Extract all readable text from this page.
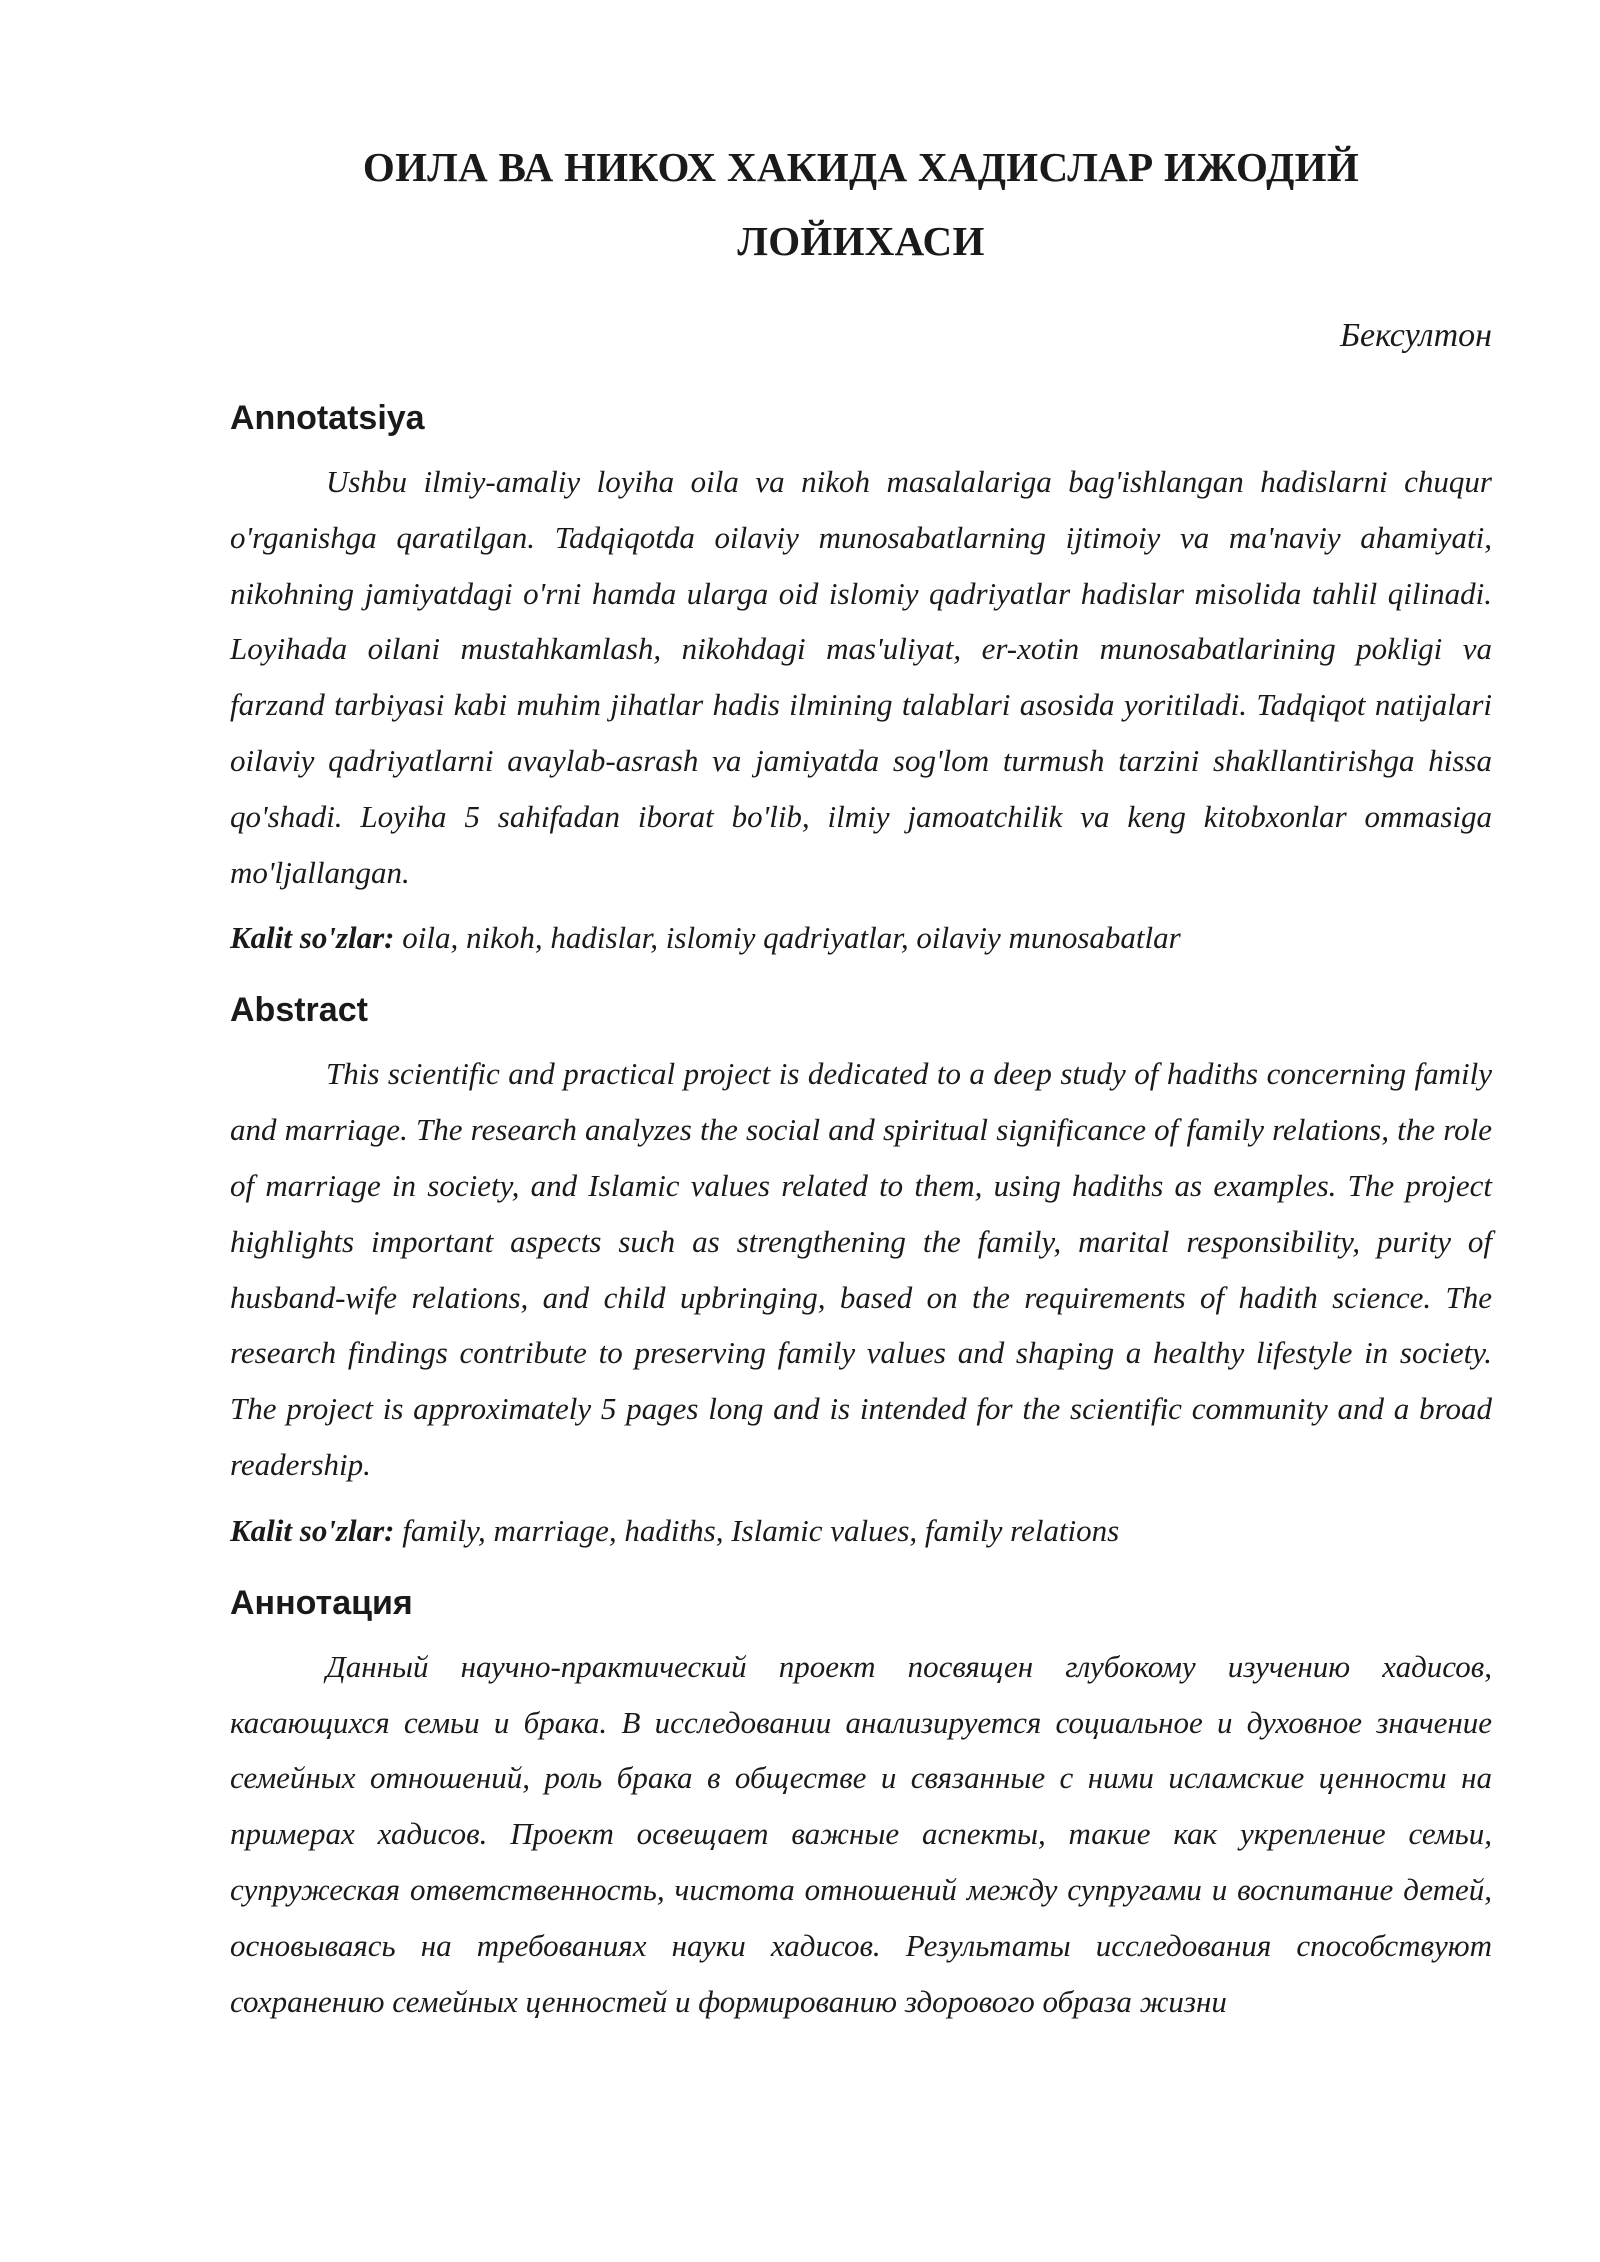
ОИЛА ВА НИКОХ ХАКИДА ХАДИСЛАР ИЖОДИЙ
ЛОЙИХАСИ
Бексултон
Annotatsiya

Ushbu ilmiy-amaliy loyiha oila va nikoh masalalariga bag'ishlangan hadislarni chuqur o'rganishga qaratilgan. Tadqiqotda oilaviy munosabatlarning ijtimoiy va ma'naviy ahamiyati, nikohning jamiyatdagi o'rni hamda ularga oid islomiy qadriyatlar hadislar misolida tahlil qilinadi. Loyihada oilani mustahkamlash, nikohdagi mas'uliyat, er-xotin munosabatlarining pokligi va farzand tarbiyasi kabi muhim jihatlar hadis ilmining talablari asosida yoritiladi. Tadqiqot natijalari oilaviy qadriyatlarni avaylab-asrash va jamiyatda sog'lom turmush tarzini shakllantirishga hissa qo'shadi. Loyiha 5 sahifadan iborat bo'lib, ilmiy jamoatchilik va keng kitobxonlar ommasiga mo'ljallangan.

Kalit so'zlar: oila, nikoh, hadislar, islomiy qadriyatlar, oilaviy munosabatlar

Abstract

This scientific and practical project is dedicated to a deep study of hadiths concerning family and marriage. The research analyzes the social and spiritual significance of family relations, the role of marriage in society, and Islamic values related to them, using hadiths as examples. The project highlights important aspects such as strengthening the family, marital responsibility, purity of husband-wife relations, and child upbringing, based on the requirements of hadith science. The research findings contribute to preserving family values and shaping a healthy lifestyle in society. The project is approximately 5 pages long and is intended for the scientific community and a broad readership.

Kalit so'zlar: family, marriage, hadiths, Islamic values, family relations

Аннотация

Данный научно-практический проект посвящен глубокому изучению хадисов, касающихся семьи и брака. В исследовании анализируется социальное и духовное значение семейных отношений, роль брака в обществе и связанные с ними исламские ценности на примерах хадисов. Проект освещает важные аспекты, такие как укрепление семьи, супружеская ответственность, чистота отношений между супругами и воспитание детей, основываясь на требованиях науки хадисов. Результаты исследования способствуют сохранению семейных ценностей и формированию здорового образа жизни
